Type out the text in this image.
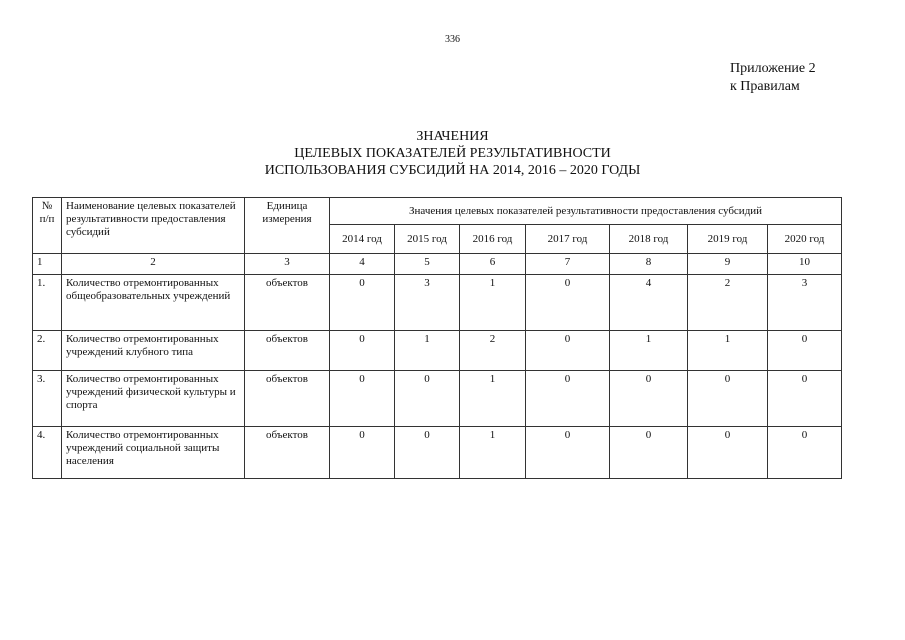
336
Приложение 2
к Правилам
ЗНАЧЕНИЯ
ЦЕЛЕВЫХ ПОКАЗАТЕЛЕЙ РЕЗУЛЬТАТИВНОСТИ
ИСПОЛЬЗОВАНИЯ СУБСИДИЙ НА 2014, 2016 – 2020 ГОДЫ
№ п/п	Наименование целевых показателей результативности предоставления субсидий	Единица измерения	Значения целевых показателей результативности предоставления субсидий						
			2014 год	2015 год	2016 год	2017 год	2018 год	2019 год	2020 год
1	2	3	4	5	6	7	8	9	10
1.	Количество отремонтированных общеобразовательных учреждений	объектов	0	3	1	0	4	2	3
2.	Количество отремонтированных учреждений клубного типа	объектов	0	1	2	0	1	1	0
3.	Количество отремонтированных учреждений физической культуры и спорта	объектов	0	0	1	0	0	0	0
4.	Количество отремонтированных учреждений социальной защиты населения	объектов	0	0	1	0	0	0	0
